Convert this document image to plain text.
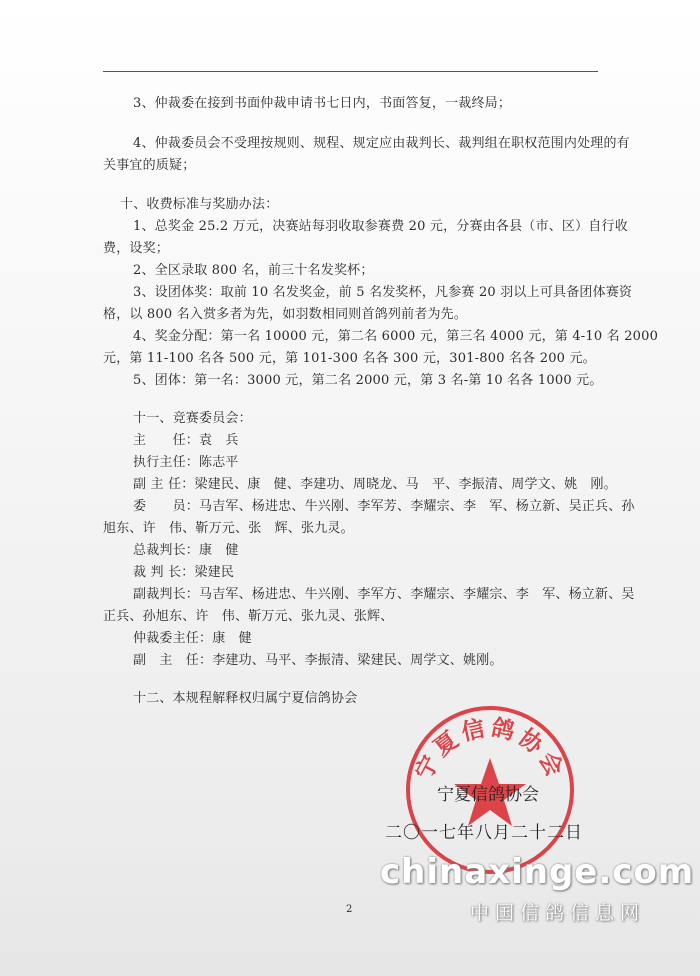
3、仲裁委在接到书面仲裁申请书七日内，书面答复，一裁终局；
4、仲裁委员会不受理按规则、规程、规定应由裁判长、裁判组在职权范围内处理的有
关事宜的质疑；
十、收费标准与奖励办法：
1、总奖金 25.2 万元，决赛站每羽收取参赛费 20 元，分赛由各县（市、区）自行收
费，设奖；
2、全区录取 800 名，前三十名发奖杯；
3、设团体奖：取前 10 名发奖金，前 5 名发奖杯，凡参赛 20 羽以上可具备团体赛资
格，以 800 名入赏多者为先，如羽数相同则首鸽列前者为先。
4、奖金分配：第一名 10000 元，第二名 6000 元，第三名 4000 元，第 4-10 名 2000
元，第 11-100 名各 500 元，第 101-300 名各 300 元，301-800 名各 200 元。
5、团体：第一名：3000 元，第二名 2000 元，第 3 名-第 10 名各 1000 元。
十一、竞赛委员会：
主　　任：袁　兵
执行主任：陈志平
副 主 任：梁建民、康　健、李建功、周晓龙、马　平、李振清、周学文、姚　刚。
委　　员：马吉军、杨进忠、牛兴刚、李军芳、李耀宗、李　军、杨立新、吴正兵、孙
旭东、许　伟、靳万元、张　辉、张九灵。
总裁判长：康　健
裁 判 长：梁建民
副裁判长：马吉军、杨进忠、牛兴刚、李军方、李耀宗、李耀宗、李　军、杨立新、吴
正兵、孙旭东、许　伟、靳万元、张九灵、张辉、
仲裁委主任：康　健
副　主　任：李建功、马平、李振清、梁建民、周学文、姚刚。
十二、本规程解释权归属宁夏信鸽协会
宁夏信鸽协会
宁夏信鸽协会
二〇一七年八月二十二日
2
chinaxinge.com
中国信鸽信息网
